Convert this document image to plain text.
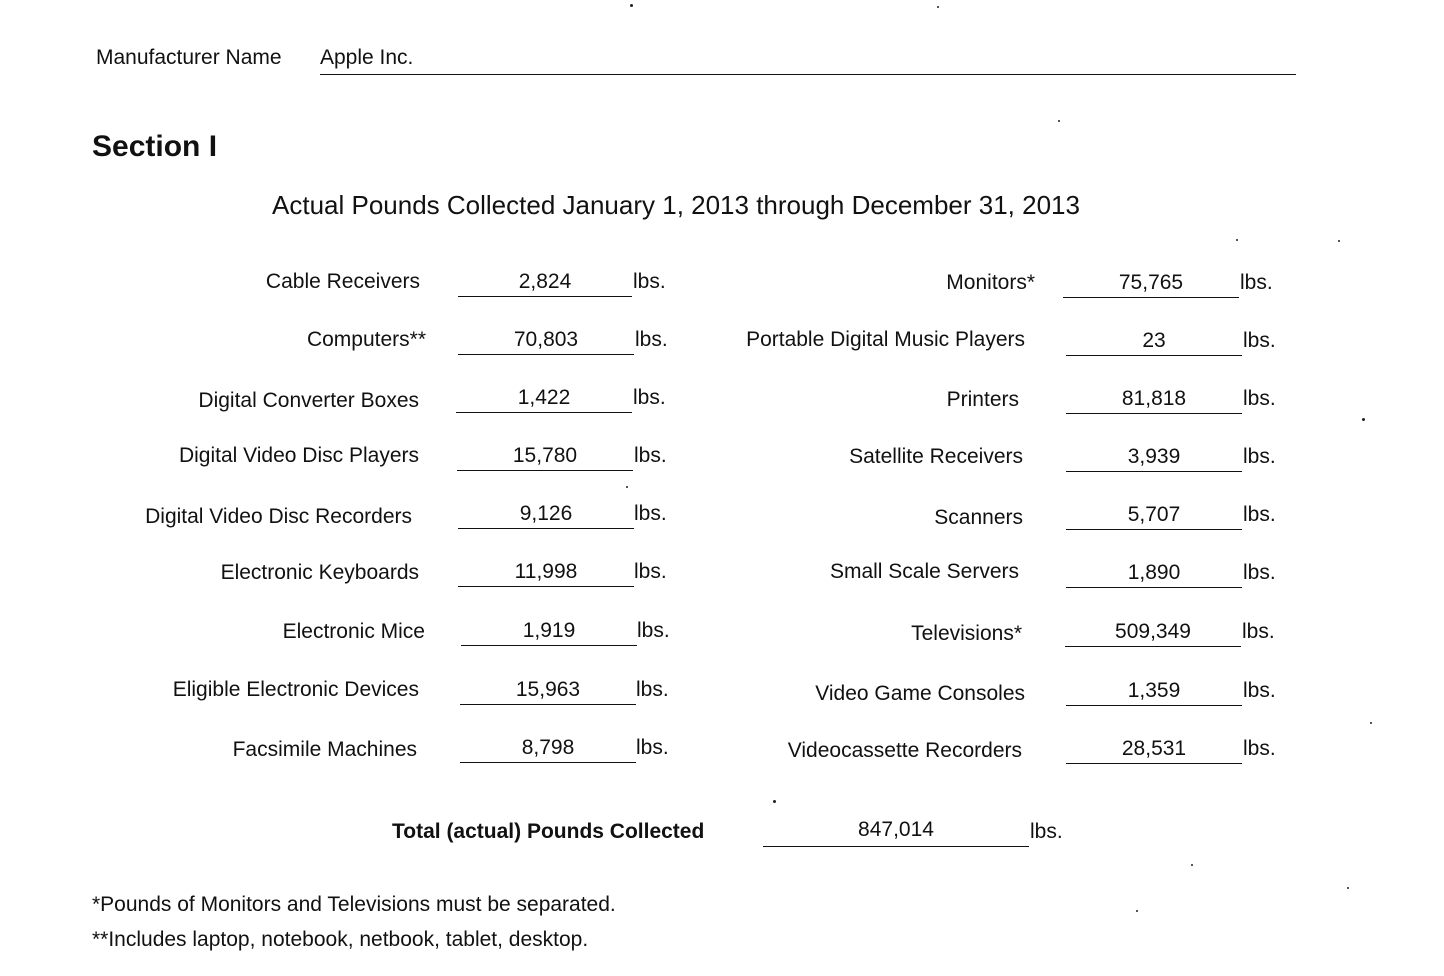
Manufacturer Name Apple Inc.
Section I
Actual Pounds Collected January 1, 2013 through December 31, 2013
Cable Receivers	2,824	lbs.
Computers**	70,803	lbs.
Digital Converter Boxes	1,422	lbs.
Digital Video Disc Players	15,780	lbs.
Digital Video Disc Recorders	9,126	lbs.
Electronic Keyboards	11,998	lbs.
Electronic Mice	1,919	lbs.
Eligible Electronic Devices	15,963	lbs.
Facsimile Machines	8,798	lbs.
Monitors*	75,765	lbs.
Portable Digital Music Players	23	lbs.
Printers	81,818	lbs.
Satellite Receivers	3,939	lbs.
Scanners	5,707	lbs.
Small Scale Servers	1,890	lbs.
Televisions*	509,349	lbs.
Video Game Consoles	1,359	lbs.
Videocassette Recorders	28,531	lbs.
Total (actual) Pounds Collected	847,014	lbs.
*Pounds of Monitors and Televisions must be separated.
**Includes laptop, notebook, netbook, tablet, desktop.
